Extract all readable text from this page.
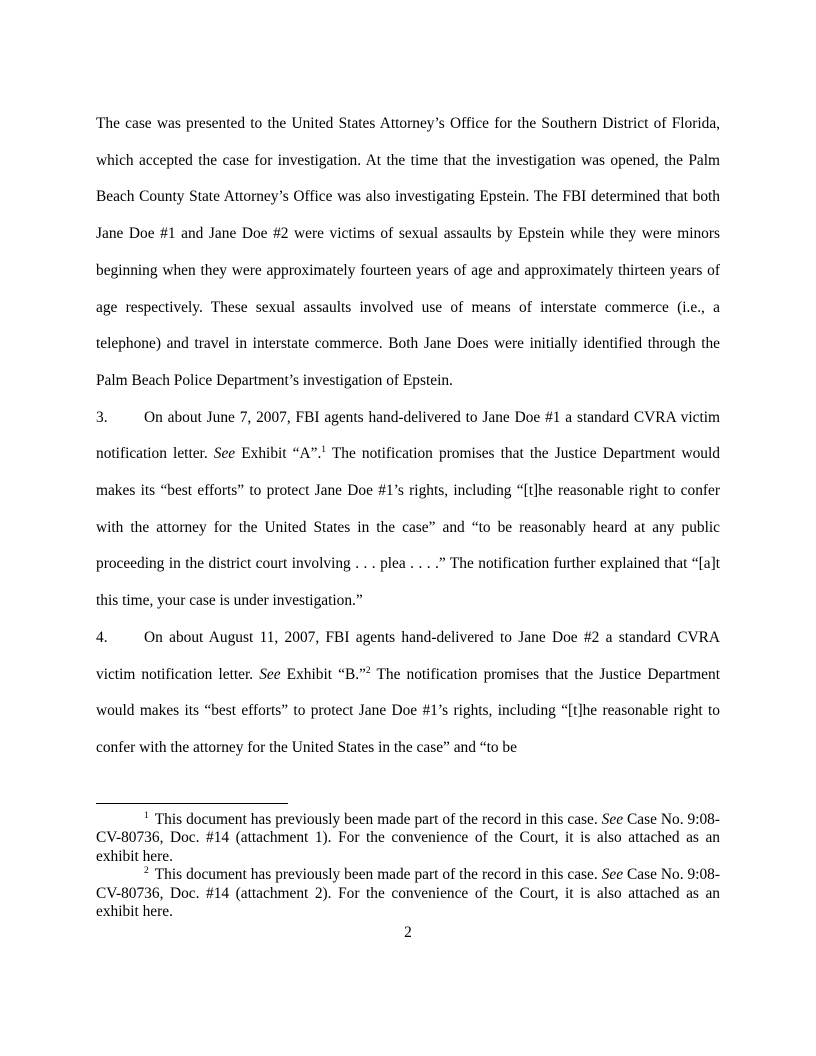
The case was presented to the United States Attorney’s Office for the Southern District of Florida, which accepted the case for investigation. At the time that the investigation was opened, the Palm Beach County State Attorney’s Office was also investigating Epstein. The FBI determined that both Jane Doe #1 and Jane Doe #2 were victims of sexual assaults by Epstein while they were minors beginning when they were approximately fourteen years of age and approximately thirteen years of age respectively. These sexual assaults involved use of means of interstate commerce (i.e., a telephone) and travel in interstate commerce. Both Jane Does were initially identified through the Palm Beach Police Department’s investigation of Epstein.
3. On about June 7, 2007, FBI agents hand-delivered to Jane Doe #1 a standard CVRA victim notification letter. See Exhibit “A”.$^1$ The notification promises that the Justice Department would makes its “best efforts” to protect Jane Doe #1’s rights, including “[t]he reasonable right to confer with the attorney for the United States in the case” and “to be reasonably heard at any public proceeding in the district court involving . . . plea . . . .” The notification further explained that “[a]t this time, your case is under investigation.”
4. On about August 11, 2007, FBI agents hand-delivered to Jane Doe #2 a standard CVRA victim notification letter. See Exhibit “B.”$^2$ The notification promises that the Justice Department would makes its “best efforts” to protect Jane Doe #1’s rights, including “[t]he reasonable right to confer with the attorney for the United States in the case” and “to be

$^1$ This document has previously been made part of the record in this case. See Case No. 9:08-CV-80736, Doc. #14 (attachment 1). For the convenience of the Court, it is also attached as an exhibit here.

$^2$ This document has previously been made part of the record in this case. See Case No. 9:08-CV-80736, Doc. #14 (attachment 2). For the convenience of the Court, it is also attached as an exhibit here.

2
